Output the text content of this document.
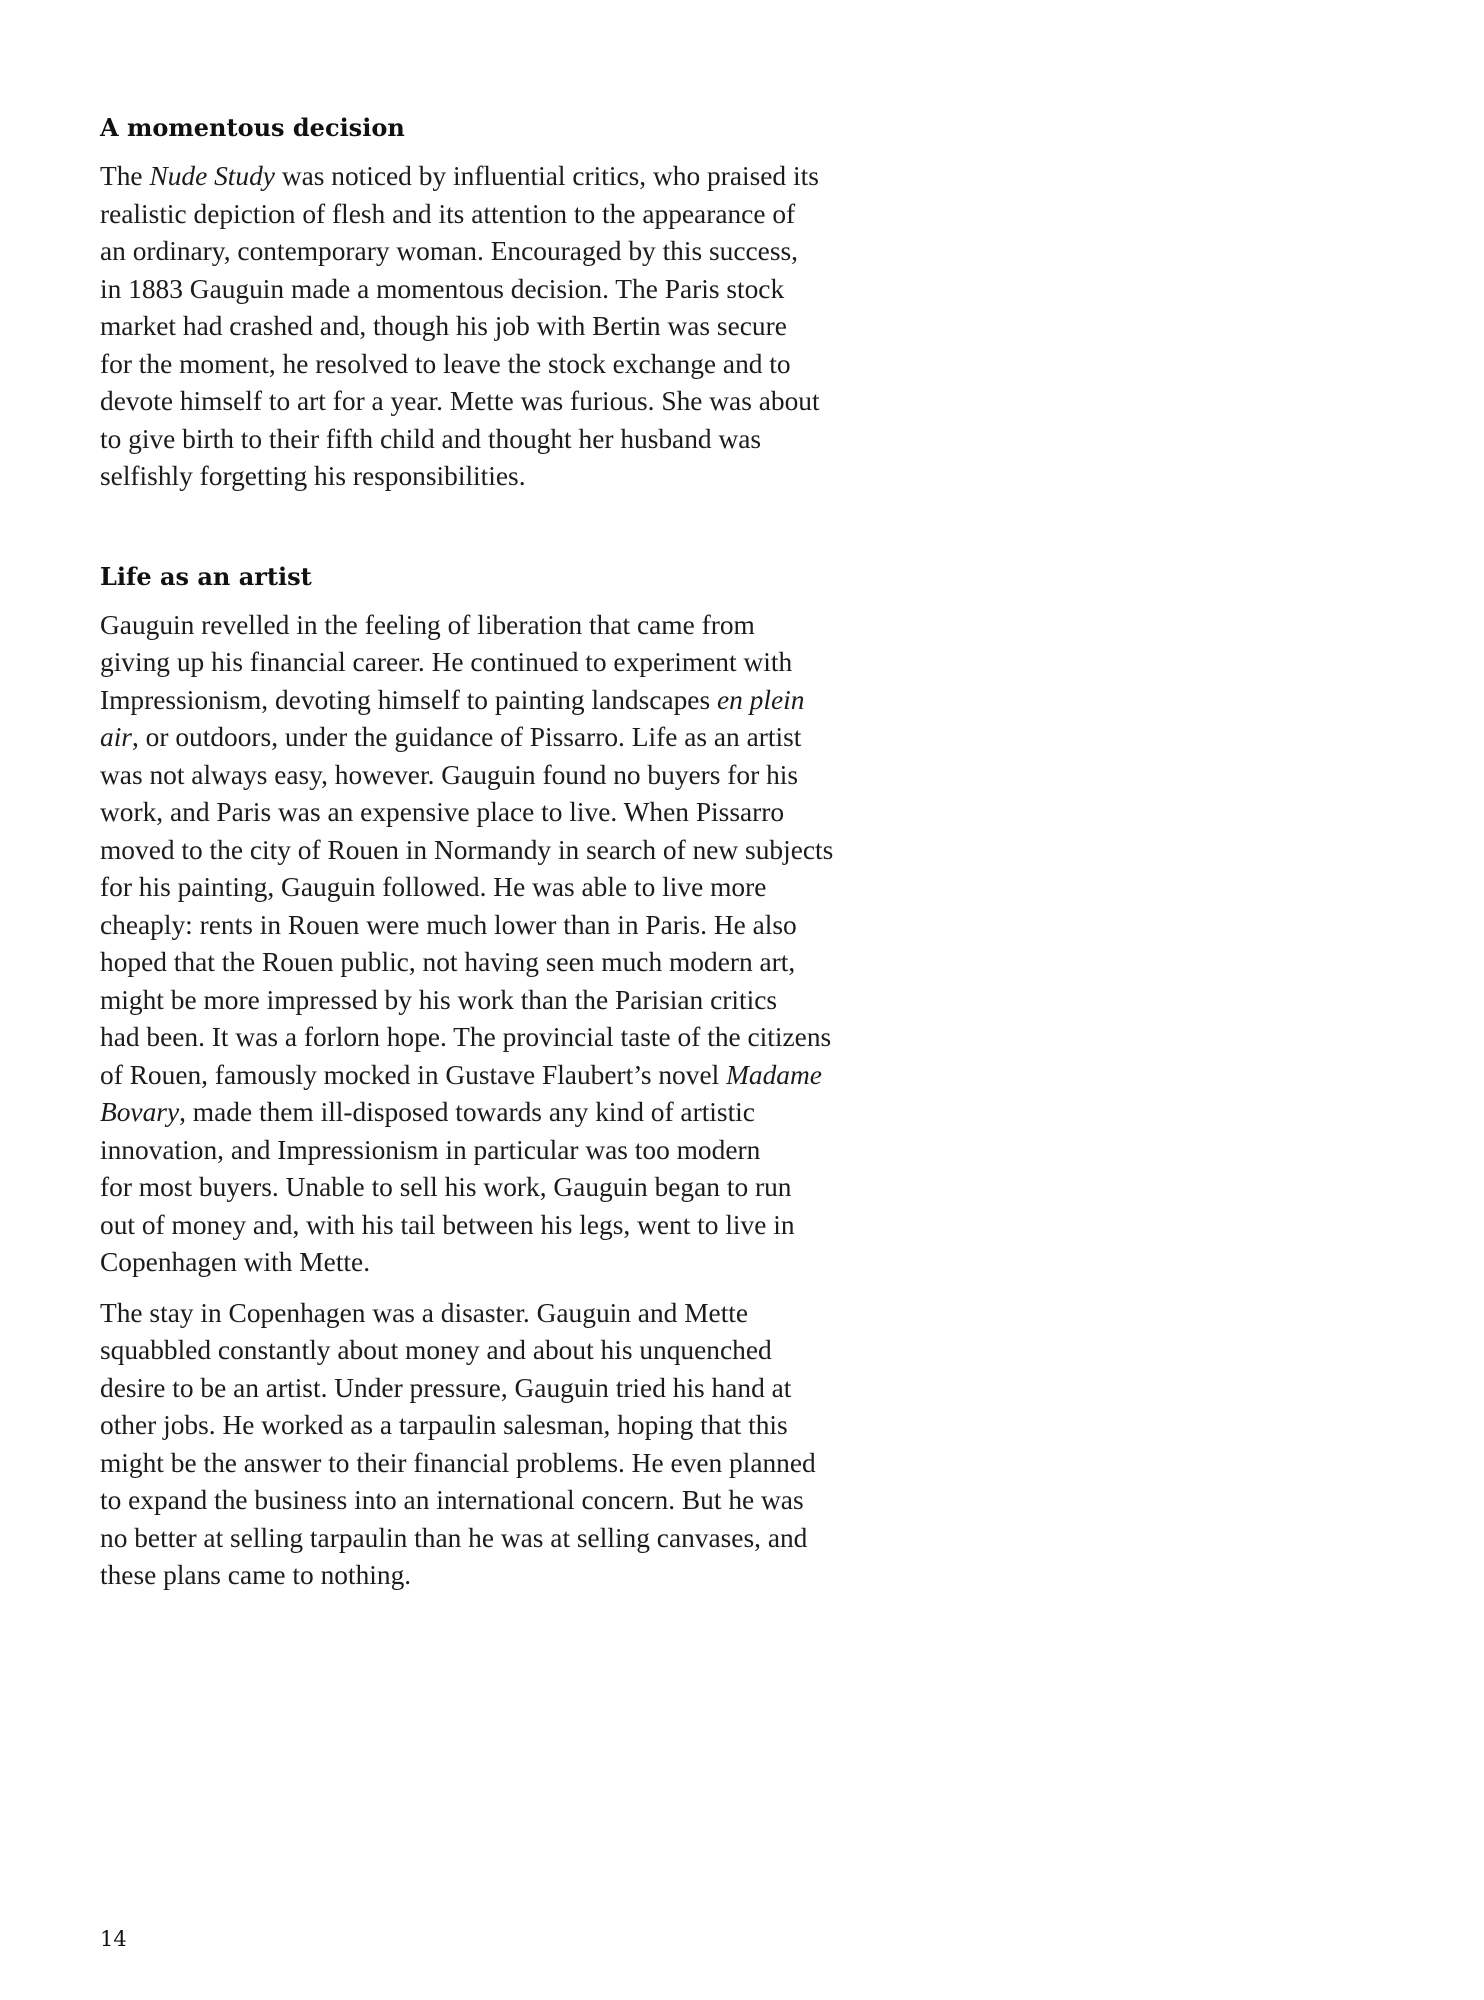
A momentous decision

The Nude Study was noticed by influential critics, who praised its
realistic depiction of flesh and its attention to the appearance of
an ordinary, contemporary woman. Encouraged by this success,
in 1883 Gauguin made a momentous decision. The Paris stock
market had crashed and, though his job with Bertin was secure
for the moment, he resolved to leave the stock exchange and to
devote himself to art for a year. Mette was furious. She was about
to give birth to their fifth child and thought her husband was
selfishly forgetting his responsibilities.

Life as an artist

Gauguin revelled in the feeling of liberation that came from
giving up his financial career. He continued to experiment with
Impressionism, devoting himself to painting landscapes en plein
air, or outdoors, under the guidance of Pissarro. Life as an artist
was not always easy, however. Gauguin found no buyers for his
work, and Paris was an expensive place to live. When Pissarro
moved to the city of Rouen in Normandy in search of new subjects
for his painting, Gauguin followed. He was able to live more
cheaply: rents in Rouen were much lower than in Paris. He also
hoped that the Rouen public, not having seen much modern art,
might be more impressed by his work than the Parisian critics
had been. It was a forlorn hope. The provincial taste of the citizens
of Rouen, famously mocked in Gustave Flaubert’s novel Madame
Bovary, made them ill-disposed towards any kind of artistic
innovation, and Impressionism in particular was too modern
for most buyers. Unable to sell his work, Gauguin began to run
out of money and, with his tail between his legs, went to live in
Copenhagen with Mette.

The stay in Copenhagen was a disaster. Gauguin and Mette
squabbled constantly about money and about his unquenched
desire to be an artist. Under pressure, Gauguin tried his hand at
other jobs. He worked as a tarpaulin salesman, hoping that this
might be the answer to their financial problems. He even planned
to expand the business into an international concern. But he was
no better at selling tarpaulin than he was at selling canvases, and
these plans came to nothing.

14
